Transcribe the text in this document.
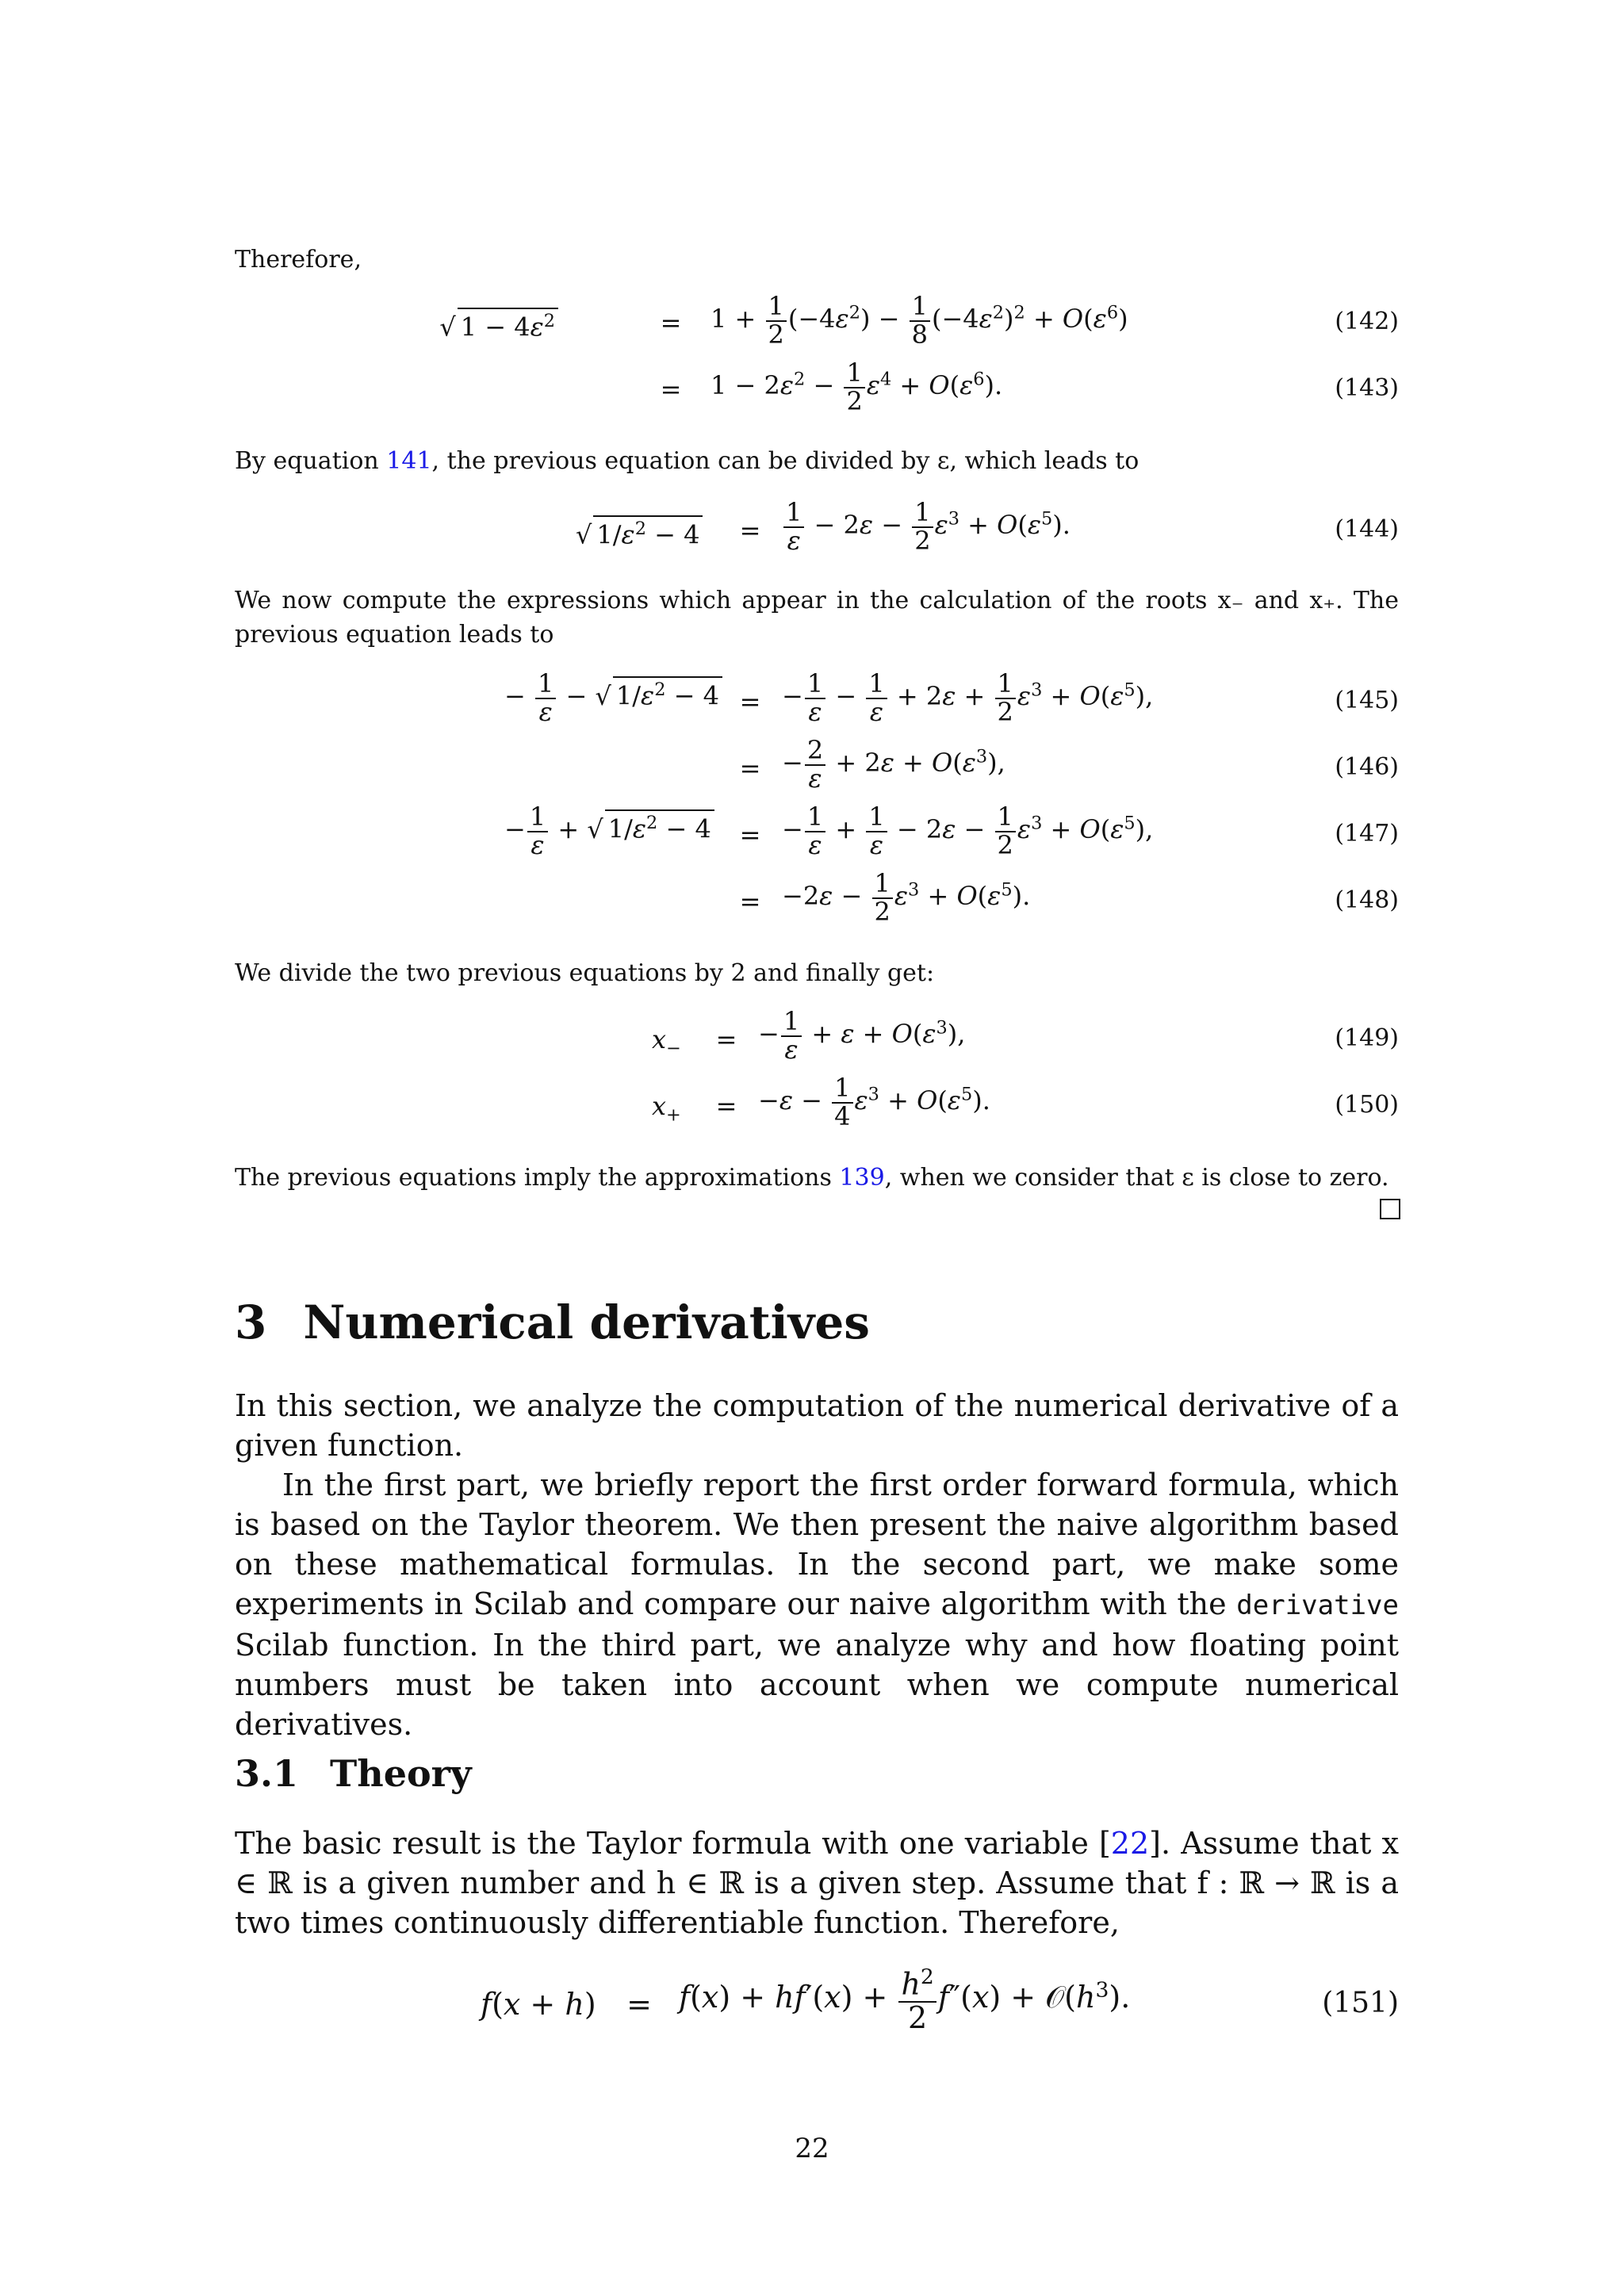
Therefore,
√ $1 - 4\varepsilon^2$	= $1 + \frac{1}{2} (-4\varepsilon^2) - \frac{1}{8} (-4\varepsilon^2)^2 + O(\varepsilon^6)$	(142)
= $1 - 2\varepsilon^2 - \frac{1}{2} \varepsilon^4 + O(\varepsilon^6)$.	(143)
By equation 141, the previous equation can be divided by ε, which leads to
√ $1/\varepsilon^2 - 4 = \frac{1}{\varepsilon} - 2\varepsilon - \frac{1}{2} \varepsilon^3 + O(\varepsilon^5)$.	(144)
We now compute the expressions which appear in the calculation of the roots x₋ and x₊. The previous equation leads to
− $\frac{1}{\varepsilon}$ − √ $1/\varepsilon^2 - 4$ = − $\frac{1}{\varepsilon} - \frac{1}{\varepsilon} + 2\varepsilon + \frac{1}{2} \varepsilon^3 + O(\varepsilon^5)$,	(145)
= − $\frac{2}{\varepsilon} + 2\varepsilon + O(\varepsilon^3)$,	(146)
− $\frac{1}{\varepsilon}$ + √ $1/\varepsilon^2 - 4$ = − $\frac{1}{\varepsilon} + \frac{1}{\varepsilon} - 2\varepsilon - \frac{1}{2} \varepsilon^3 + O(\varepsilon^5)$,	(147)
= $-2\varepsilon - \frac{1}{2} \varepsilon^3 + O(\varepsilon^5)$.	(148)
We divide the two previous equations by 2 and finally get:
$x_-$ = − $\frac{1}{\varepsilon} + \varepsilon + O(\varepsilon^3)$,	(149)
$x_+ = -\varepsilon - \frac{1}{4} \varepsilon^3 + O(\varepsilon^5)$.	(150)
The previous equations imply the approximations 139, when we consider that ε is close to zero.
3 Numerical derivatives
In this section, we analyze the computation of the numerical derivative of a given function.
In the first part, we briefly report the first order forward formula, which is based on the Taylor theorem. We then present the naive algorithm based on these mathematical formulas. In the second part, we make some experiments in Scilab and compare our naive algorithm with the derivative Scilab function. In the third part, we analyze why and how floating point numbers must be taken into account when we compute numerical derivatives.
3.1 Theory
The basic result is the Taylor formula with one variable [22]. Assume that x ∈ ℝ is a given number and h ∈ ℝ is a given step. Assume that f : ℝ → ℝ is a two times continuously differentiable function. Therefore,
$f(x + h) = f(x) + hf'(x) + \frac{h^2}{2} f''(x)$ + $𝒪(h^3)$.	(151)
22
